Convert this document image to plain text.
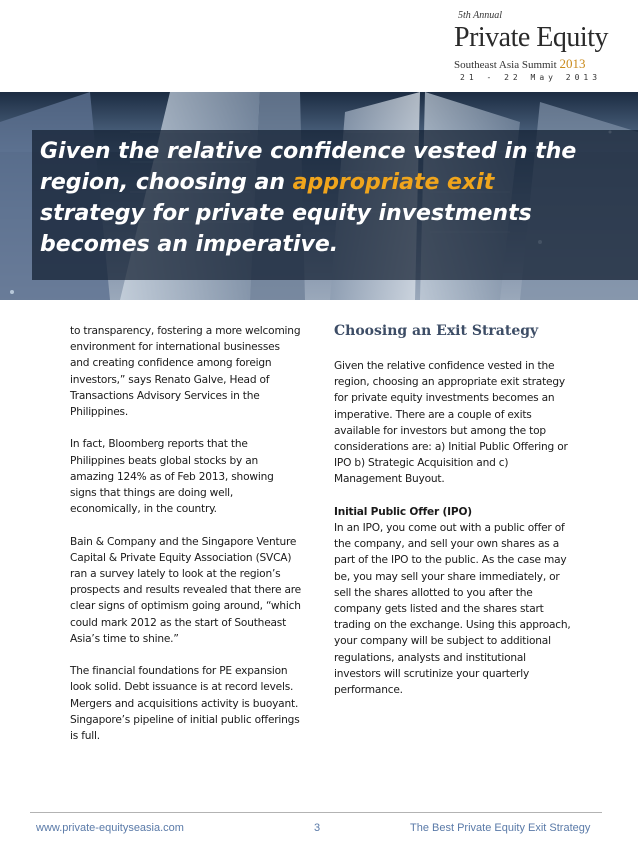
5th Annual
Private Equity
Southeast Asia Summit 2013
21 - 22 May 2013
Given the relative confidence vested in the region, choosing an appropriate exit strategy for private equity investments becomes an imperative.

to transparency, fostering a more welcoming environment for international businesses and creating confidence among foreign investors,” says Renato Galve, Head of Transactions Advisory Services in the Philippines.

In fact, Bloomberg reports that the Philippines beats global stocks by an amazing 124% as of Feb 2013, showing signs that things are doing well, economically, in the country.

Bain & Company and the Singapore Venture Capital & Private Equity Association (SVCA) ran a survey lately to look at the region’s prospects and results revealed that there are clear signs of optimism going around, “which could mark 2012 as the start of Southeast Asia’s time to shine.”

The financial foundations for PE expansion look solid. Debt issuance is at record levels. Mergers and acquisitions activity is buoyant. Singapore’s pipeline of initial public offerings is full.

Choosing an Exit Strategy

Given the relative confidence vested in the region, choosing an appropriate exit strategy for private equity investments becomes an imperative. There are a couple of exits available for investors but among the top considerations are: a) Initial Public Offering or IPO b) Strategic Acquisition and c) Management Buyout.

Initial Public Offer (IPO)
In an IPO, you come out with a public offer of the company, and sell your own shares as a part of the IPO to the public. As the case may be, you may sell your share immediately, or sell the shares allotted to you after the company gets listed and the shares start trading on the exchange. Using this approach, your company will be subject to additional regulations, analysts and institutional investors will scrutinize your quarterly performance.

www.private-equityseasia.com	3	The Best Private Equity Exit Strategy
